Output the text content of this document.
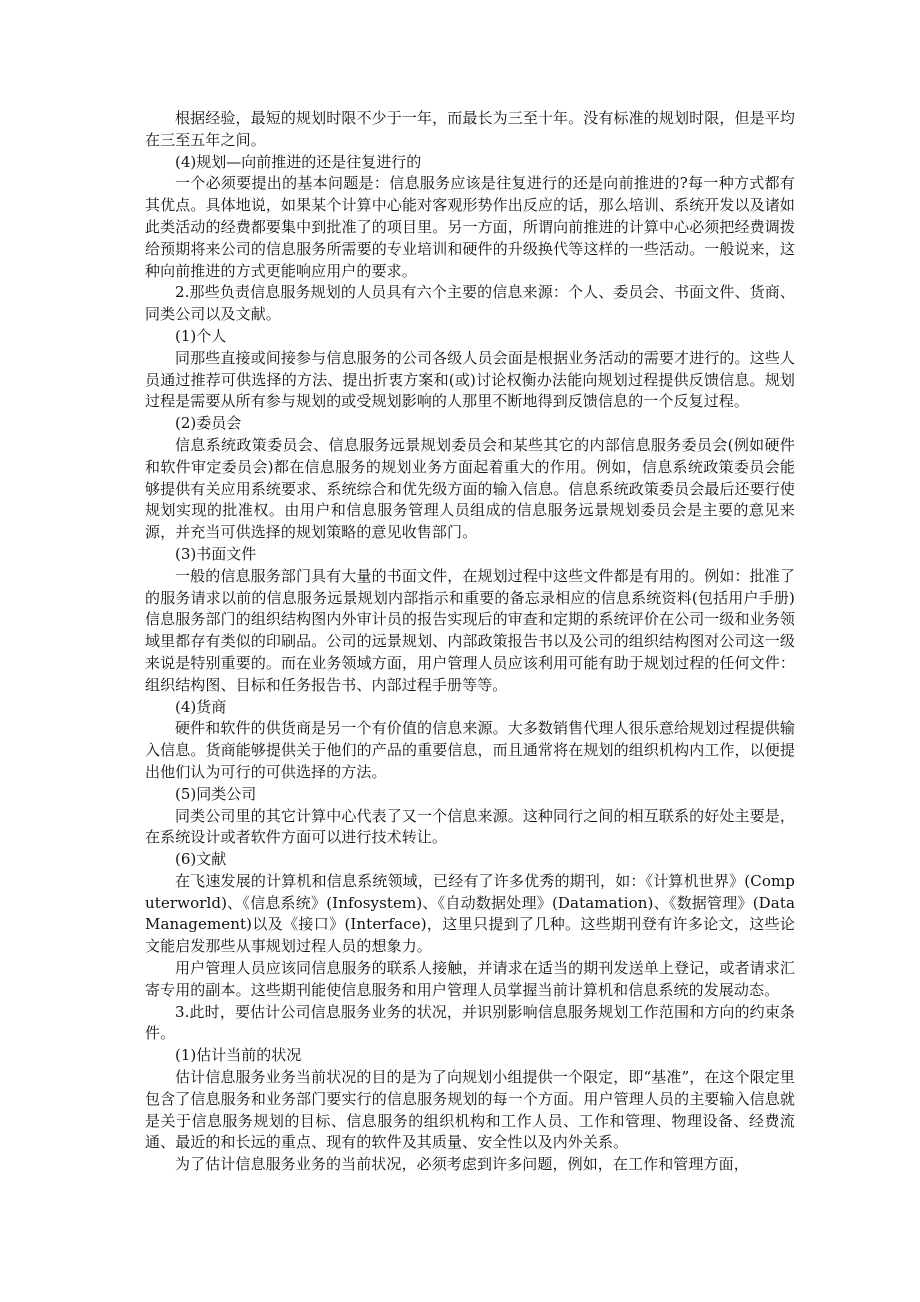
根据经验，最短的规划时限不少于一年，而最长为三至十年。没有标准的规划时限，但是平均在三至五年之间。

(4)规划—向前推进的还是往复进行的

一个必须要提出的基本问题是：信息服务应该是往复进行的还是向前推进的?每一种方式都有其优点。具体地说，如果某个计算中心能对客观形势作出反应的话，那么培训、系统开发以及诸如此类活动的经费都要集中到批准了的项目里。另一方面，所谓向前推进的计算中心必须把经费调拨给预期将来公司的信息服务所需要的专业培训和硬件的升级换代等这样的一些活动。一般说来，这种向前推进的方式更能响应用户的要求。

2.那些负责信息服务规划的人员具有六个主要的信息来源：个人、委员会、书面文件、货商、同类公司以及文献。

(1)个人

同那些直接或间接参与信息服务的公司各级人员会面是根据业务活动的需要才进行的。这些人员通过推荐可供选择的方法、提出折衷方案和(或)讨论权衡办法能向规划过程提供反馈信息。规划过程是需要从所有参与规划的或受规划影响的人那里不断地得到反馈信息的一个反复过程。

(2)委员会

信息系统政策委员会、信息服务远景规划委员会和某些其它的内部信息服务委员会(例如硬件和软件审定委员会)都在信息服务的规划业务方面起着重大的作用。例如，信息系统政策委员会能够提供有关应用系统要求、系统综合和优先级方面的输入信息。信息系统政策委员会最后还要行使规划实现的批准权。由用户和信息服务管理人员组成的信息服务远景规划委员会是主要的意见来源，并充当可供选择的规划策略的意见收售部门。

(3)书面文件

一般的信息服务部门具有大量的书面文件，在规划过程中这些文件都是有用的。例如：批准了的服务请求以前的信息服务远景规划内部指示和重要的备忘录相应的信息系统资料(包括用户手册)信息服务部门的组织结构图内外审计员的报告实现后的审查和定期的系统评价在公司一级和业务领域里都存有类似的印刷品。公司的远景规划、内部政策报告书以及公司的组织结构图对公司这一级来说是特别重要的。而在业务领域方面，用户管理人员应该利用可能有助于规划过程的任何文件：组织结构图、目标和任务报告书、内部过程手册等等。

(4)货商

硬件和软件的供货商是另一个有价值的信息来源。大多数销售代理人很乐意给规划过程提供输入信息。货商能够提供关于他们的产品的重要信息，而且通常将在规划的组织机构内工作，以便提出他们认为可行的可供选择的方法。

(5)同类公司

同类公司里的其它计算中心代表了又一个信息来源。这种同行之间的相互联系的好处主要是，在系统设计或者软件方面可以进行技术转让。

(6)文献

在飞速发展的计算机和信息系统领域，已经有了许多优秀的期刊，如：《计算机世界》(Computerworld)、《信息系统》(Infosystem)、《自动数据处理》(Datamation)、《数据管理》(Data Management)以及《接口》(Interface)，这里只提到了几种。这些期刊登有许多论文，这些论文能启发那些从事规划过程人员的想象力。

用户管理人员应该同信息服务的联系人接触，并请求在适当的期刊发送单上登记，或者请求汇寄专用的副本。这些期刊能使信息服务和用户管理人员掌握当前计算机和信息系统的发展动态。

3.此时，要估计公司信息服务业务的状况，并识别影响信息服务规划工作范围和方向的约束条件。

(1)估计当前的状况

估计信息服务业务当前状况的目的是为了向规划小组提供一个限定，即“基准”，在这个限定里包含了信息服务和业务部门要实行的信息服务规划的每一个方面。用户管理人员的主要输入信息就是关于信息服务规划的目标、信息服务的组织机构和工作人员、工作和管理、物理设备、经费流通、最近的和长远的重点、现有的软件及其质量、安全性以及内外关系。

为了估计信息服务业务的当前状况，必须考虑到许多问题，例如，在工作和管理方面，
